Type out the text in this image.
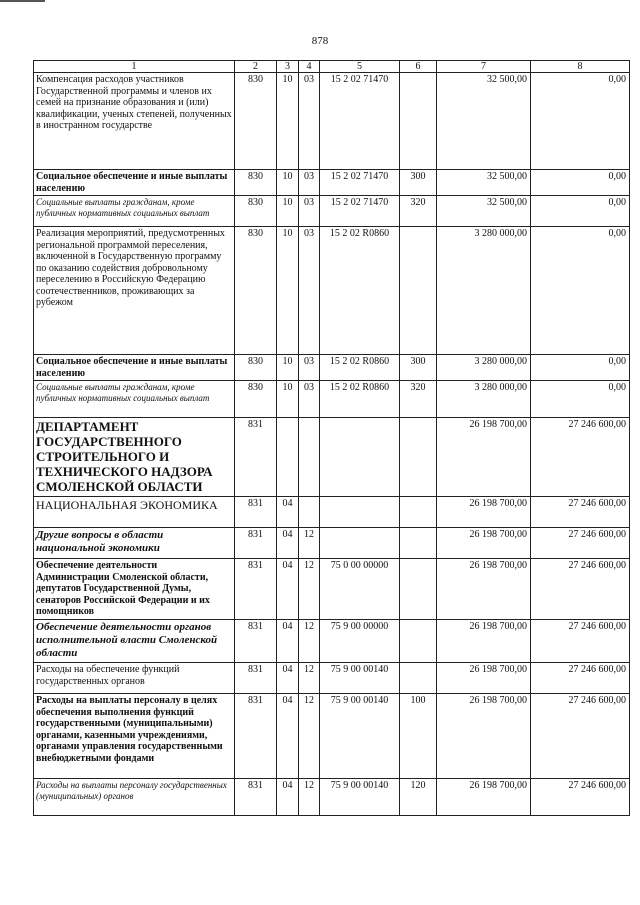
878
1	2	3	4	5	6	7	8
Компенсация расходов участников Государственной программы и членов их семей на признание образования и (или) квалификации, ученых степеней, полученных в иностранном государстве	830	10	03	15 2 02 71470		32 500,00	0,00
Социальное обеспечение и иные выплаты населению	830	10	03	15 2 02 71470	300	32 500,00	0,00
Социальные выплаты гражданам, кроме публичных нормативных социальных выплат	830	10	03	15 2 02 71470	320	32 500,00	0,00
Реализация мероприятий, предусмотренных региональной программой переселения, включенной в Государственную программу по оказанию содействия добровольному переселению в Российскую Федерацию соотечественников, проживающих за рубежом	830	10	03	15 2 02 R0860		3 280 000,00	0,00
Социальное обеспечение и иные выплаты населению	830	10	03	15 2 02 R0860	300	3 280 000,00	0,00
Социальные выплаты гражданам, кроме публичных нормативных социальных выплат	830	10	03	15 2 02 R0860	320	3 280 000,00	0,00
ДЕПАРТАМЕНТ ГОСУДАРСТВЕННОГО СТРОИТЕЛЬНОГО И ТЕХНИЧЕСКОГО НАДЗОРА СМОЛЕНСКОЙ ОБЛАСТИ	831					26 198 700,00	27 246 600,00
НАЦИОНАЛЬНАЯ ЭКОНОМИКА	831	04				26 198 700,00	27 246 600,00
Другие вопросы в области национальной экономики	831	04	12			26 198 700,00	27 246 600,00
Обеспечение деятельности Администрации Смоленской области, депутатов Государственной Думы, сенаторов Российской Федерации и их помощников	831	04	12	75 0 00 00000		26 198 700,00	27 246 600,00
Обеспечение деятельности органов исполнительной власти Смоленской области	831	04	12	75 9 00 00000		26 198 700,00	27 246 600,00
Расходы на обеспечение функций государственных органов	831	04	12	75 9 00 00140		26 198 700,00	27 246 600,00
Расходы на выплаты персоналу в целях обеспечения выполнения функций государственными (муниципальными) органами, казенными учреждениями, органами управления государственными внебюджетными фондами	831	04	12	75 9 00 00140	100	26 198 700,00	27 246 600,00
Расходы на выплаты персоналу государственных (муниципальных) органов	831	04	12	75 9 00 00140	120	26 198 700,00	27 246 600,00
